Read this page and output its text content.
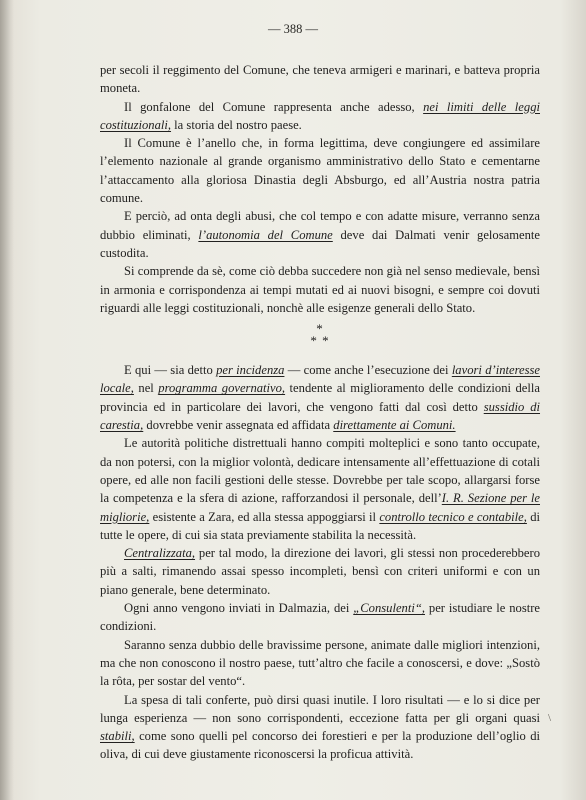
— 388 —

per secoli il reggimento del Comune, che teneva armigeri e marinari, e batteva propria moneta.

Il gonfalone del Comune rappresenta anche adesso, nei limiti delle leggi costituzionali, la storia del nostro paese.

Il Comune è l’anello che, in forma legittima, deve congiungere ed assimilare l’elemento nazionale al grande organismo amministrativo dello Stato e cementarne l’attaccamento alla gloriosa Dinastia degli Absburgo, ed all’Austria nostra patria comune.

E perciò, ad onta degli abusi, che col tempo e con adatte misure, verranno senza dubbio eliminati, l’autonomia del Comune deve dai Dalmati venir gelosamente custodita.

Si comprende da sè, come ciò debba succedere non già nel senso medievale, bensì in armonia e corrispondenza ai tempi mutati ed ai nuovi bisogni, e sempre coi dovuti riguardi alle leggi costituzionali, nonchè alle esigenze generali dello Stato.

*
* *

E qui — sia detto per incidenza — come anche l’esecuzione dei lavori d’interesse locale, nel programma governativo, tendente al miglioramento delle condizioni della provincia ed in particolare dei lavori, che vengono fatti dal così detto sussidio di carestia, dovrebbe venir assegnata ed affidata direttamente ai Comuni.

Le autorità politiche distrettuali hanno compiti molteplici e sono tanto occupate, da non potersi, con la miglior volontà, dedicare intensamente all’effettuazione di cotali opere, ed alle non facili gestioni delle stesse. Dovrebbe per tale scopo, allargarsi forse la competenza e la sfera di azione, rafforzandosi il personale, dell’I. R. Sezione per le migliorie, esistente a Zara, ed alla stessa appoggiarsi il controllo tecnico e contabile, di tutte le opere, di cui sia stata previamente stabilita la necessità.

Centralizzata, per tal modo, la direzione dei lavori, gli stessi non procederebbero più a salti, rimanendo assai spesso incompleti, bensì con criteri uniformi e con un piano generale, bene determinato.

Ogni anno vengono inviati in Dalmazia, dei „Consulenti“, per istudiare le nostre condizioni.

Saranno senza dubbio delle bravissime persone, animate dalle migliori intenzioni, ma che non conoscono il nostro paese, tutt’altro che facile a conoscersi, e dove: „Sostò la rôta, per sostar del vento“.

La spesa di tali conferte, può dirsi quasi inutile. I loro risultati — e lo si dice per lunga esperienza — non sono corrispondenti, eccezione fatta per gli organi quasi stabili, come sono quelli pel concorso dei forestieri e per la produzione dell’oglio di oliva, di cui deve giustamente riconoscersi la proficua attività.

\
